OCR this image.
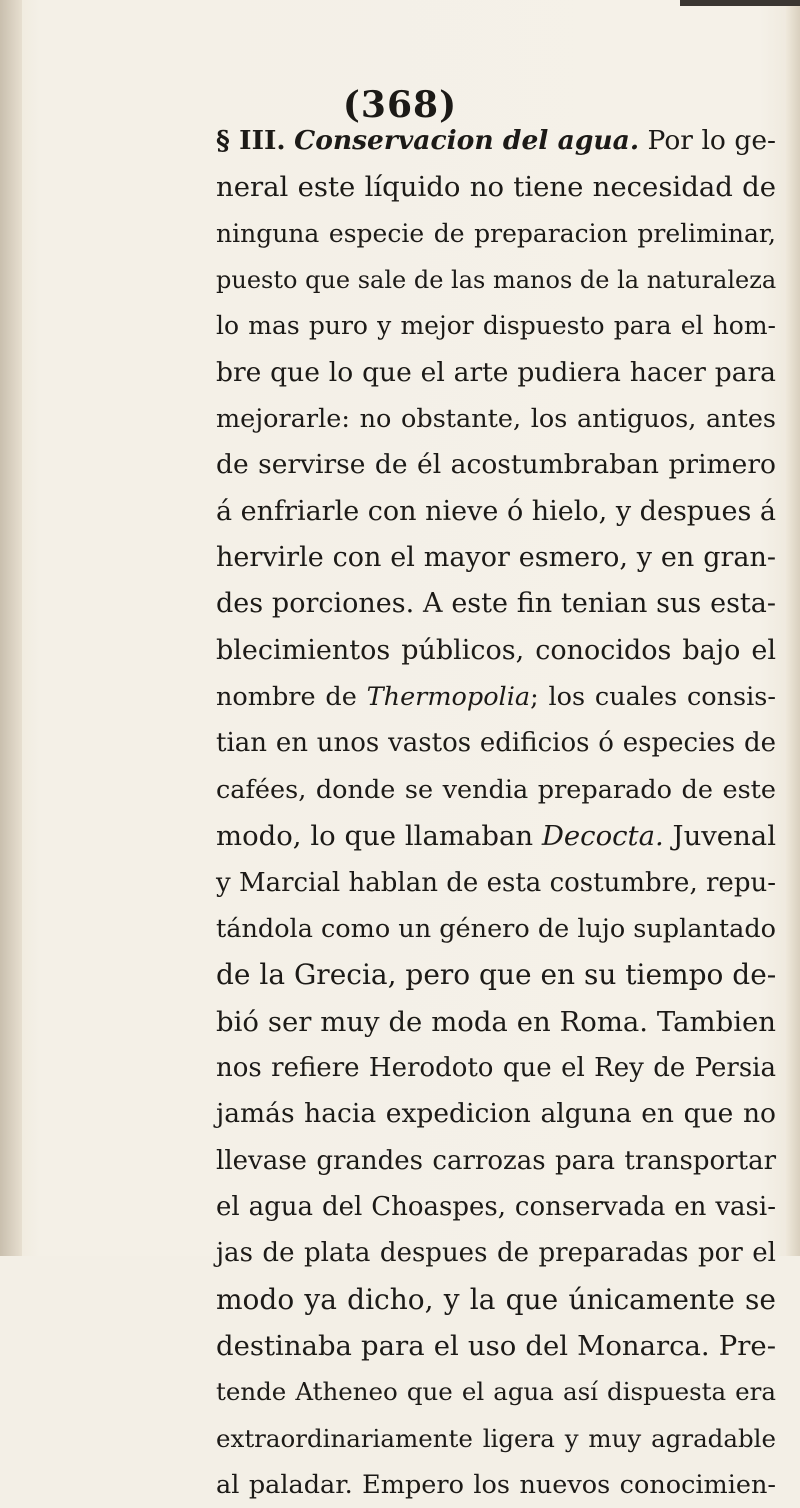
(368)
§ III. Conservacion del agua. Por lo ge-
neral este líquido no tiene necesidad de
ninguna especie de preparacion preliminar,
puesto que sale de las manos de la naturaleza
lo mas puro y mejor dispuesto para el hom-
bre que lo que el arte pudiera hacer para
mejorarle: no obstante, los antiguos, antes
de servirse de él acostumbraban primero
á enfriarle con nieve ó hielo, y despues á
hervirle con el mayor esmero, y en gran-
des porciones. A este fin tenian sus esta-
blecimientos públicos, conocidos bajo el
nombre de Thermopolia; los cuales consis-
tian en unos vastos edificios ó especies de
cafées, donde se vendia preparado de este
modo, lo que llamaban Decocta. Juvenal
y Marcial hablan de esta costumbre, repu-
tándola como un género de lujo suplantado
de la Grecia, pero que en su tiempo de-
bió ser muy de moda en Roma. Tambien
nos refiere Herodoto que el Rey de Persia
jamás hacia expedicion alguna en que no
llevase grandes carrozas para transportar
el agua del Choaspes, conservada en vasi-
jas de plata despues de preparadas por el
modo ya dicho, y la que únicamente se
destinaba para el uso del Monarca. Pre-
tende Atheneo que el agua así dispuesta era
extraordinariamente ligera y muy agradable
al paladar. Empero los nuevos conocimien-
